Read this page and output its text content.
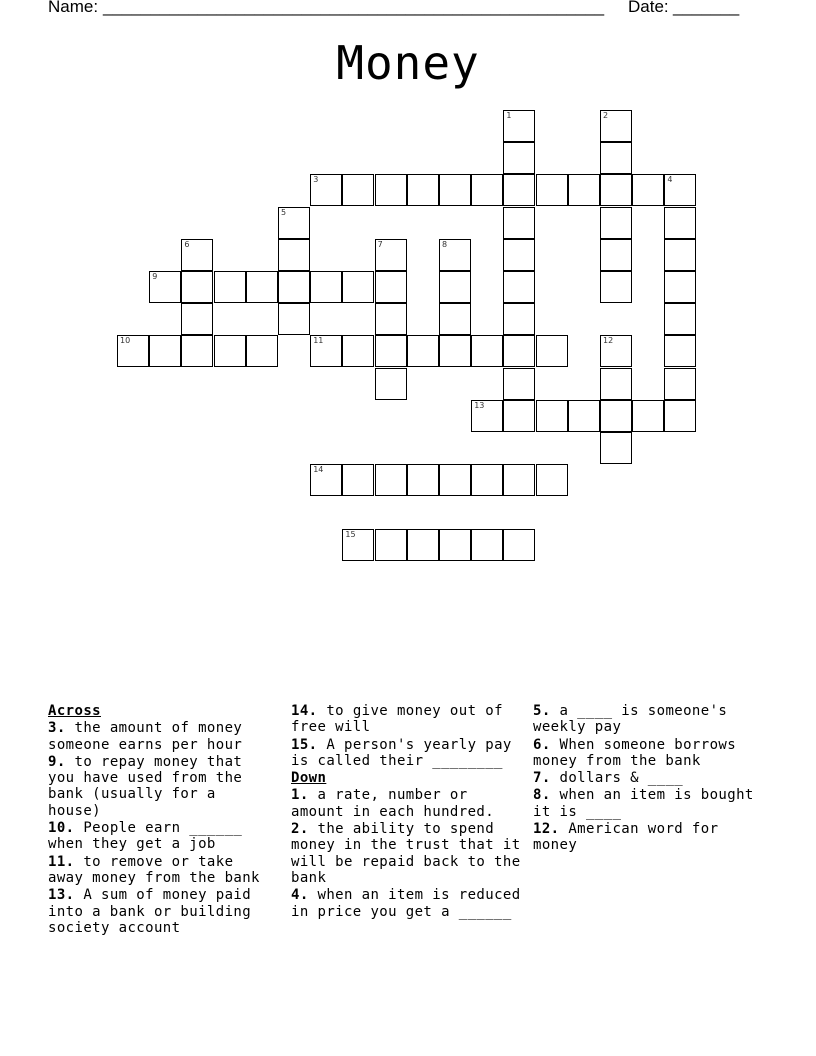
Name: _____________________________________________________ Date: _______
Money
3
9
10	11
13
14
15
1	2
4
5
6	7	8
12
Across
3. the amount of money someone earns per hour
9. to repay money that you have used from the bank (usually for a house)
10. People earn ______ when they get a job
11. to remove or take away money from the bank
13. A sum of money paid into a bank or building society account
14. to give money out of free will
15. A person's yearly pay is called their ________
Down
1. a rate, number or amount in each hundred.
2. the ability to spend money in the trust that it will be repaid back to the bank
4. when an item is reduced in price you get a ______
5. a ____ is someone's weekly pay
6. When someone borrows money from the bank
7. dollars & ____
8. when an item is bought it is ____
12. American word for money
